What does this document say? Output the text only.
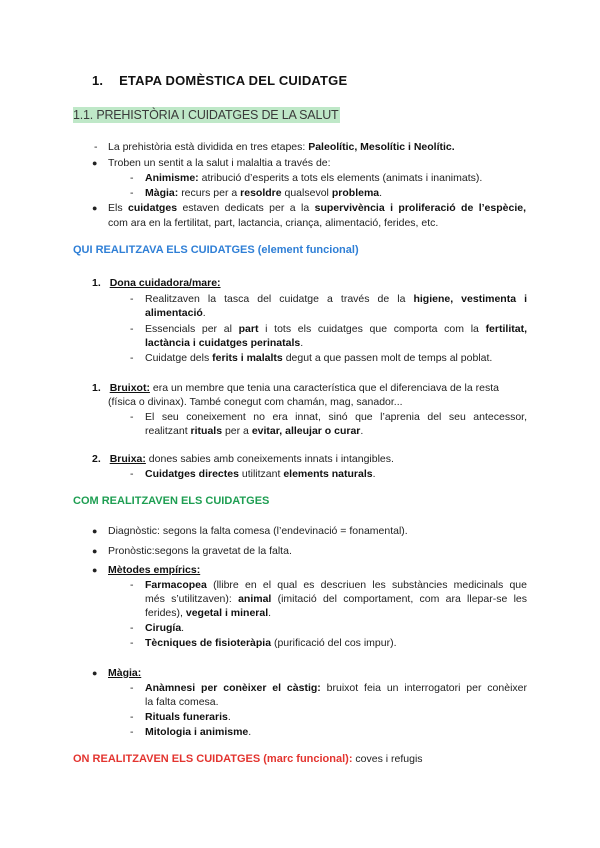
1. ETAPA DOMÈSTICA DEL CUIDATGE
1.1. PREHISTÒRIA I CUIDATGES DE LA SALUT
- La prehistòria està dividida en tres etapes: Paleolític, Mesolític i Neolític.
● Troben un sentit a la salut i malaltia a través de:
- Animisme: atribució d’esperits a tots els elements (animats i inanimats).
- Màgia: recurs per a resoldre qualsevol problema.
● Els cuidatges estaven dedicats per a la supervivència i proliferació de l’espècie,
com ara en la fertilitat, part, lactancia, criança, alimentació, ferides, etc.
QUI REALITZAVA ELS CUIDATGES (element funcional)
1. Dona cuidadora/mare:
- Realitzaven la tasca del cuidatge a través de la higiene, vestimenta i
alimentació.
- Essencials per al part i tots els cuidatges que comporta com la fertilitat,
lactància i cuidatges perinatals.
- Cuidatge dels ferits i malalts degut a que passen molt de temps al poblat.
1. Bruixot: era un membre que tenia una característica que el diferenciava de la resta
(física o divinax). També conegut com chamán, mag, sanador...
- El seu coneixement no era innat, sinó que l’aprenia del seu antecessor,
realitzant rituals per a evitar, alleujar o curar.
2. Bruixa: dones sabies amb coneixements innats i intangibles.
- Cuidatges directes utilitzant elements naturals.
COM REALITZAVEN ELS CUIDATGES
● Diagnòstic: segons la falta comesa (l’endevinació = fonamental).
● Pronòstic:segons la gravetat de la falta.
● Mètodes empírics:
- Farmacopea (llibre en el qual es descriuen les substàncies medicinals que
més s’utilitzaven): animal (imitació del comportament, com ara llepar-se les
ferides), vegetal i mineral.
- Cirugía.
- Tècniques de fisioteràpia (purificació del cos impur).
● Màgia:
- Anàmnesi per conèixer el càstig: bruixot feia un interrogatori per conèixer
la falta comesa.
- Rituals funeraris.
- Mitologia i animisme.
ON REALITZAVEN ELS CUIDATGES (marc funcional): coves i refugis
